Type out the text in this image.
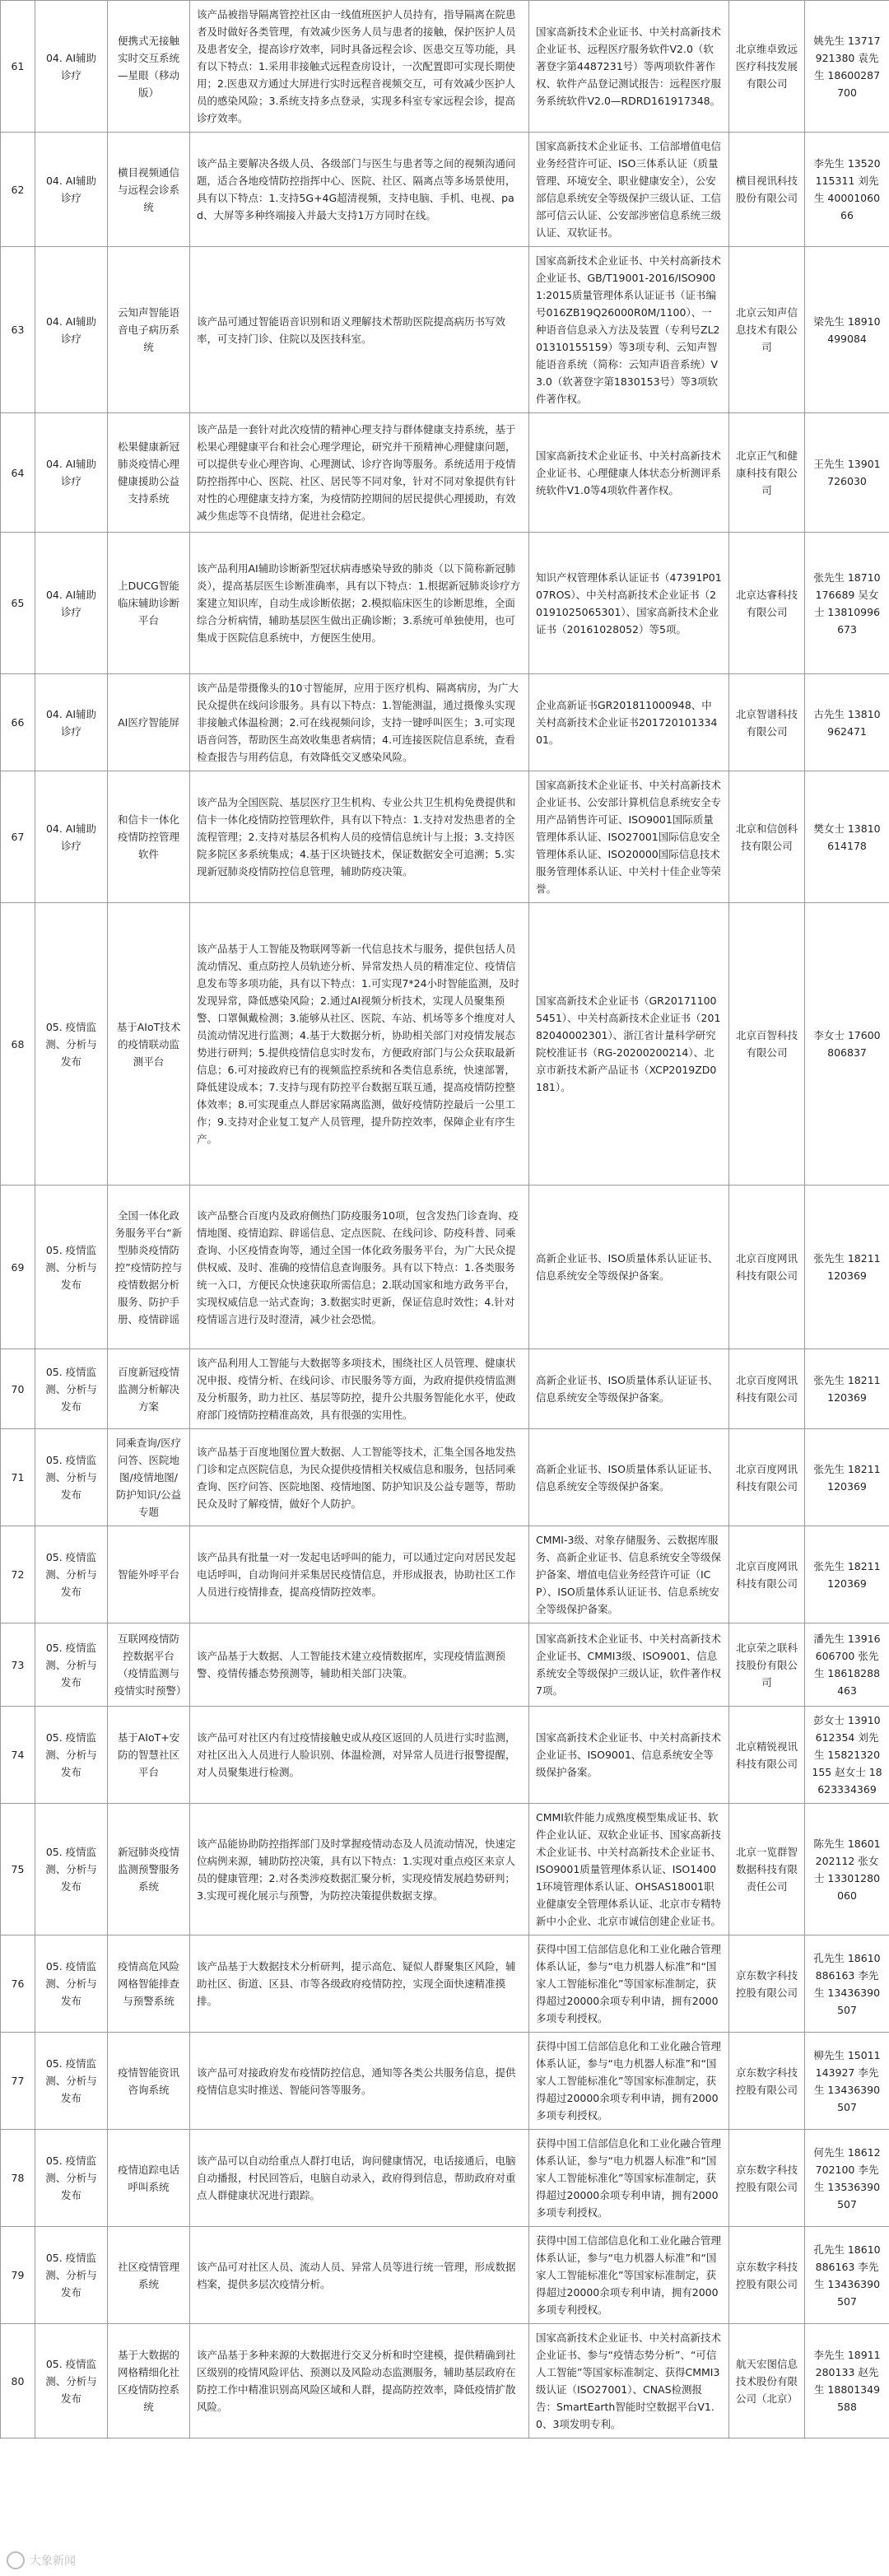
61	04. AI辅助诊疗	便携式无接触实时交互系统—星眼（移动版）	该产品被指导隔离管控社区由一线值班医护人员持有，指导隔离在院患者及时做好各类管理，有效减少医务人员与患者的接触，保护医护人员及患者安全，提高诊疗效率，同时具备远程会诊、医患交互等功能，具有以下特点：1.采用非接触式远程查房设计，一次配置即可实现长期使用；2.医患双方通过大屏进行实时远程音视频交互，可有效减少医护人员的感染风险；3.系统支持多点登录，实现多科室专家远程会诊，提高诊疗效率。	国家高新技术企业证书、中关村高新技术企业证书、远程医疗服务软件V2.0（软著登字第4487231号）等两项软件著作权、软件产品登记测试报告：远程医疗服务系统软件V2.0—RDRD161917348。	北京维卓致远医疗科技发展有限公司	姚先生 13717921380 袁先生 18600287700

62	04. AI辅助诊疗	横目视频通信与远程会诊系统	该产品主要解决各级人员、各级部门与医生与患者等之间的视频沟通问题，适合各地疫情防控指挥中心、医院、社区、隔离点等多场景使用，具有以下特点：1.支持5G+4G超清视频，支持电脑、手机、电视、pad、大屏等多种终端接入并最大支持1万方同时在线。	国家高新技术企业证书、工信部增值电信业务经营许可证、ISO三体系认证（质量管理、环境安全、职业健康安全），公安部信息系统安全等级保护三级认证、工信部可信云认证、公安部涉密信息系统三级认证、双软证书。	横目视讯科技股份有限公司	李先生 13520115311 刘先生 4000106066

63	04. AI辅助诊疗	云知声智能语音电子病历系统	该产品可通过智能语音识别和语义理解技术帮助医院提高病历书写效率，可支持门诊、住院以及医技科室。	国家高新技术企业证书、中关村高新技术企业证书、GB/T19001-2016/ISO9001:2015质量管理体系认证证书（证书编号016ZB19Q26000R0M/1100）、一种语音信息录入方法及装置（专利号ZL201310155159）等3项专利、云知声智能语音系统（简称：云知声语音系统）V3.0（软著登字第1830153号）等3项软件著作权。	北京云知声信息技术有限公司	梁先生 18910499084

64	04. AI辅助诊疗	松果健康新冠肺炎疫情心理健康援助公益支持系统	该产品是一套针对此次疫情的精神心理支持与群体健康支持系统，基于松果心理健康平台和社会心理学理论，研究并干预精神心理健康问题，可以提供专业心理咨询、心理测试、诊疗咨询等服务。系统适用于疫情防控指挥中心、医院、社区、居民等不同对象，针对不同对象提供有针对性的心理健康支持方案，为疫情防控期间的居民提供心理援助，有效减少焦虑等不良情绪，促进社会稳定。	国家高新技术企业证书、中关村高新技术企业证书、心理健康人体状态分析测评系统软件V1.0等4项软件著作权。	北京正气和健康科技有限公司	王先生 13901726030

65	04. AI辅助诊疗	上DUCG智能临床辅助诊断平台	该产品利用AI辅助诊断新型冠状病毒感染导致的肺炎（以下简称新冠肺炎），提高基层医生诊断准确率，具有以下特点：1.根据新冠肺炎诊疗方案建立知识库，自动生成诊断依据；2.模拟临床医生的诊断思维，全面综合分析病情，辅助基层医生做出正确诊断；3.系统可单独使用，也可集成于医院信息系统中，方便医生使用。	知识产权管理体系认证证书（47391P0107ROS）、中关村高新技术企业证书（20191025065301）、国家高新技术企业证书（20161028052）等5项。	北京达睿科技有限公司	张先生 18710176689 吴女士 13810996673

66	04. AI辅助诊疗	AI医疗智能屏	该产品是带摄像头的10寸智能屏，应用于医疗机构、隔离病房，为广大民众提供在线问诊服务。具有以下特点：1.智能测温，通过摄像头实现非接触式体温检测；2.可在线视频问诊，支持一键呼叫医生；3.可实现语音问答，帮助医生高效收集患者病情；4.可连接医院信息系统，查看检查报告与用药信息，有效降低交叉感染风险。	企业高新证书GR201811000948、中关村高新技术企业证书20172010133401。	北京智谱科技有限公司	古先生 13810962471

67	04. AI辅助诊疗	和信卡一体化疫情防控管理软件	该产品为全国医院、基层医疗卫生机构、专业公共卫生机构免费提供和信卡一体化疫情防控管理软件，具有以下特点：1.支持对发热患者的全流程管理；2.支持对基层各机构人员的疫情信息统计与上报；3.支持医院多院区多系统集成；4.基于区块链技术，保证数据安全可追溯；5.实现新冠肺炎疫情防控信息管理，辅助防疫决策。	国家高新技术企业证书、中关村高新技术企业证书、公安部计算机信息系统安全专用产品销售许可证、ISO9001国际质量管理体系认证、ISO27001国际信息安全管理体系认证、ISO20000国际信息技术服务管理体系认证、中关村十佳企业等荣誉。	北京和信创科技有限公司	樊女士 13810614178

68	05. 疫情监测、分析与发布	基于AIoT技术的疫情联动监测平台	该产品基于人工智能及物联网等新一代信息技术与服务，提供包括人员流动情况、重点防控人员轨迹分析、异常发热人员的精准定位、疫情信息发布等多项功能，具有以下特点：1.可实现7*24小时智能监测，及时发现异常，降低感染风险；2.通过AI视频分析技术，实现人员聚集预警、口罩佩戴检测；3.能够从社区、医院、车站、机场等多个维度对人员流动情况进行监测；4.基于大数据分析，协助相关部门对疫情发展态势进行研判；5.提供疫情信息实时发布，方便政府部门与公众获取最新信息；6.可对接政府已有的视频监控系统和各类信息系统，快速部署，降低建设成本；7.支持与现有防控平台数据互联互通，提高疫情防控整体效率；8.可实现重点人群居家隔离监测，做好疫情防控最后一公里工作；9.支持对企业复工复产人员管理，提升防控效率，保障企业有序生产。	国家高新技术企业证书（GR201711005451）、中关村高新技术企业证书（20182040002301）、浙江省计量科学研究院校准证书（RG-20200200214）、北京市新技术新产品证书（XCP2019ZD0181）。	北京百智科技有限公司	李女士 17600806837

69	05. 疫情监测、分析与发布	全国一体化政务服务平台“新型肺炎疫情防控”疫情防控与疫情数据分析服务、防护手册、疫情辟谣	该产品整合百度内及政府侧热门防疫服务10项，包含发热门诊查询、疫情地图、疫情追踪、辟谣信息、定点医院、在线问诊、防疫科普、同乘查询、小区疫情查询等，通过全国一体化政务服务平台，为广大民众提供权威、及时、准确的疫情信息查询服务。具有以下特点：1.各类服务统一入口，方便民众快速获取所需信息；2.联动国家和地方政务平台，实现权威信息一站式查询；3.数据实时更新，保证信息时效性；4.针对疫情谣言进行及时澄清，减少社会恐慌。	高新企业证书、ISO质量体系认证证书、信息系统安全等级保护备案。	北京百度网讯科技有限公司	张先生 18211120369

70	05. 疫情监测、分析与发布	百度新冠疫情监测分析解决方案	该产品利用人工智能与大数据等多项技术，围绕社区人员管理、健康状况申报、疫情分析、在线问诊、市民服务等方面，为政府提供疫情监测及分析服务，助力社区、基层等防控，提升公共服务智能化水平，使政府部门疫情防控精准高效，具有很强的实用性。	高新企业证书、ISO质量体系认证证书、信息系统安全等级保护备案。	北京百度网讯科技有限公司	张先生 18211120369

71	05. 疫情监测、分析与发布	同乘查询/医疗问答、医院地图/疫情地图/防护知识/公益专题	该产品基于百度地图位置大数据、人工智能等技术，汇集全国各地发热门诊和定点医院信息，为民众提供疫情相关权威信息和服务，包括同乘查询、医疗问答、医院地图、疫情地图、防护知识及公益专题等，帮助民众及时了解疫情，做好个人防护。	高新企业证书、ISO质量体系认证证书、信息系统安全等级保护备案。	北京百度网讯科技有限公司	张先生 18211120369

72	05. 疫情监测、分析与发布	智能外呼平台	该产品具有批量一对一发起电话呼叫的能力，可以通过定向对居民发起电话呼叫，自动询问并采集居民疫情信息，并形成报表，协助社区工作人员进行疫情排查，提高疫情防控效率。	CMMI-3级、对象存储服务、云数据库服务、高新企业证书、信息系统安全等级保护备案、增值电信业务经营许可证（ICP）、ISO质量体系认证证书、信息系统安全等级保护备案。	北京百度网讯科技有限公司	张先生 18211120369

73	05. 疫情监测、分析与发布	互联网疫情防控数据平台（疫情监测与疫情实时预警）	该产品基于大数据、人工智能技术建立疫情数据库，实现疫情监测预警、疫情传播态势预测等，辅助相关部门决策。	国家高新技术企业证书、中关村高新技术企业证书、CMMI3级、ISO9001、信息系统安全等级保护三级认证，软件著作权7项。	北京荣之联科技股份有限公司	潘先生 13916606700 张先生 18618288463

74	05. 疫情监测、分析与发布	基于AIoT+安防的智慧社区平台	该产品可对社区内有过疫情接触史或从疫区返回的人员进行实时监测，对社区出入人员进行人脸识别、体温检测，对异常人员进行报警提醒，对人员聚集进行检测。	国家高新技术企业证书、中关村高新技术企业证书、ISO9001、信息系统安全等级保护备案。	北京精锐视讯科技有限公司	彭女士 13910612354 刘先生 15821320155 赵女士 18623334369

75	05. 疫情监测、分析与发布	新冠肺炎疫情监测预警服务系统	该产品能协助防控指挥部门及时掌握疫情动态及人员流动情况，快速定位病例来源，辅助防控决策，具有以下特点：1.实现对重点疫区来京人员的健康管理；2.对各类涉疫数据汇聚分析，实现疫情发展趋势研判；3.实现可视化展示与预警，为防控决策提供数据支撑。	CMMI软件能力成熟度模型集成证书、软件企业认证、双软企业证书、国家高新技术企业证书、中关村高新技术企业证书、ISO9001质量管理体系认证、ISO14001环境管理体系认证、OHSAS18001职业健康安全管理体系认证、北京市专精特新中小企业、北京市诚信创建企业证书。	北京一览群智数据科技有限责任公司	陈先生 18601202112 张女士 13301280060

76	05. 疫情监测、分析与发布	疫情高危风险网格智能排查与预警系统	该产品基于大数据技术分析研判，提示高危、疑似人群聚集区风险，辅助社区、街道、区县、市等各级政府疫情防控，实现全面快速精准摸排。	获得中国工信部信息化和工业化融合管理体系认证，参与“电力机器人标准”和“国家人工智能标准化”等国家标准制定，获得超过20000余项专利申请，拥有2000多项专利授权。	京东数字科技控股有限公司	孔先生 18610886163 李先生 13436390507

77	05. 疫情监测、分析与发布	疫情智能资讯咨询系统	该产品可对接政府发布疫情防控信息，通知等各类公共服务信息，提供疫情信息实时推送、智能问答等服务。	获得中国工信部信息化和工业化融合管理体系认证，参与“电力机器人标准”和“国家人工智能标准化”等国家标准制定，获得超过20000余项专利申请，拥有2000多项专利授权。	京东数字科技控股有限公司	柳先生 15011143927 李先生 13436390507

78	05. 疫情监测、分析与发布	疫情追踪电话呼叫系统	该产品可以自动给重点人群打电话，询问健康情况，电话接通后，电脑自动播报，村民回答后，电脑自动录入，政府得到信息，帮助政府对重点人群健康状况进行跟踪。	获得中国工信部信息化和工业化融合管理体系认证，参与“电力机器人标准”和“国家人工智能标准化”等国家标准制定，获得超过20000余项专利申请，拥有2000多项专利授权。	京东数字科技控股有限公司	何先生 18612702100 李先生 13536390507

79	05. 疫情监测、分析与发布	社区疫情管理系统	该产品可对社区人员、流动人员、异常人员等进行统一管理，形成数据档案，提供多层次疫情分析。	获得中国工信部信息化和工业化融合管理体系认证，参与“电力机器人标准”和“国家人工智能标准化”等国家标准制定，获得超过20000余项专利申请，拥有2000多项专利授权。	京东数字科技控股有限公司	孔先生 18610886163 李先生 13436390507

80	05. 疫情监测、分析与发布	基于大数据的网格精细化社区疫情防控系统	该产品基于多种来源的大数据进行交叉分析和时空建模，提供精确到社区级别的疫情风险评估、预测以及风险动态监测服务，辅助基层政府在防控工作中精准识别高风险区域和人群，提高防控效率，降低疫情扩散风险。	国家高新技术企业证书、中关村高新技术企业证书、参与“疫情态势分析”、“可信人工智能”等国家标准制定、获得CMMI3级认证（ISO27001）、CNAS检测报告：SmartEarth智能时空数据平台V1.0、3项发明专利。	航天宏图信息技术股份有限公司（北京）	李先生 18911280133 赵先生 18801349588
大象新闻
